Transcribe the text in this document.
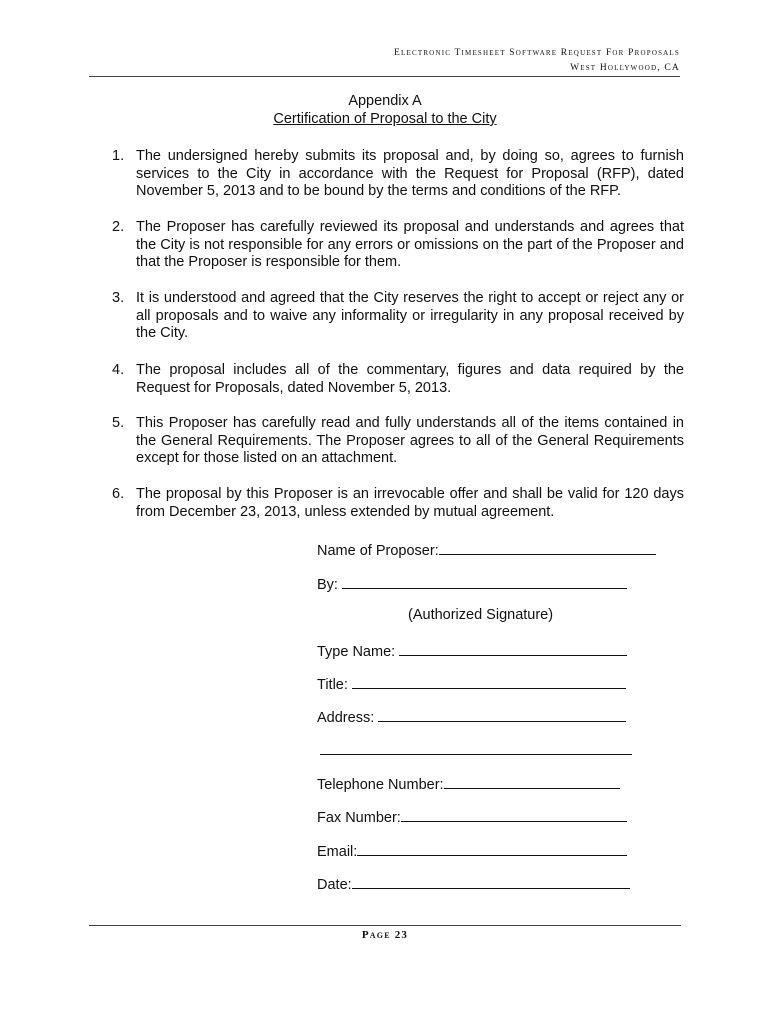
Electronic Timesheet Software Request For Proposals
West Hollywood, CA
Appendix A
Certification of Proposal to the City
1. The undersigned hereby submits its proposal and, by doing so, agrees to furnish services to the City in accordance with the Request for Proposal (RFP), dated November 5, 2013 and to be bound by the terms and conditions of the RFP.
2. The Proposer has carefully reviewed its proposal and understands and agrees that the City is not responsible for any errors or omissions on the part of the Proposer and that the Proposer is responsible for them.
3. It is understood and agreed that the City reserves the right to accept or reject any or all proposals and to waive any informality or irregularity in any proposal received by the City.
4. The proposal includes all of the commentary, figures and data required by the Request for Proposals, dated November 5, 2013.
5. This Proposer has carefully read and fully understands all of the items contained in the General Requirements. The Proposer agrees to all of the General Requirements except for those listed on an attachment.
6. The proposal by this Proposer is an irrevocable offer and shall be valid for 120 days from December 23, 2013, unless extended by mutual agreement.
Name of Proposer:
By:
(Authorized Signature)
Type Name:
Title:
Address:
Telephone Number:
Fax Number:
Email:
Date:
Page 23
